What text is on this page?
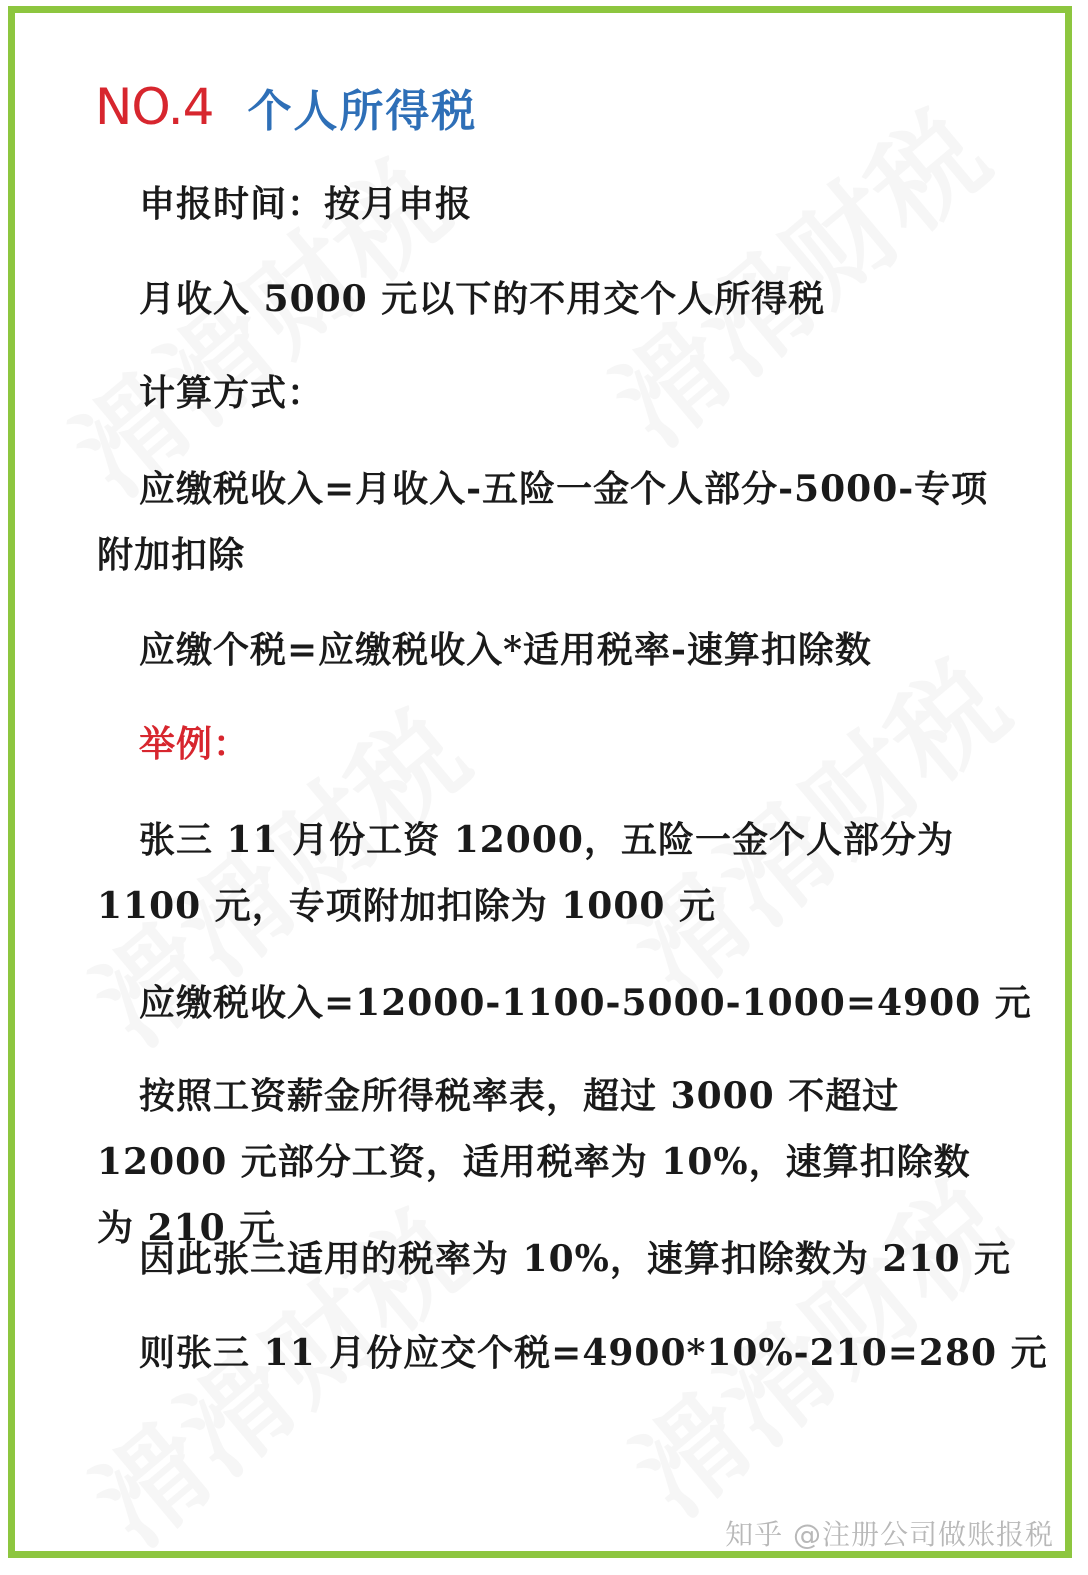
NO.4 个人所得税
申报时间：按月申报
月收入 5000 元以下的不用交个人所得税
计算方式：
应缴税收入=月收入-五险一金个人部分-5000-专项附加扣除
应缴个税=应缴税收入*适用税率-速算扣除数
举例：
张三 11 月份工资 12000，五险一金个人部分为 1100 元，专项附加扣除为 1000 元
应缴税收入=12000-1100-5000-1000=4900 元
按照工资薪金所得税率表，超过 3000 不超过 12000 元部分工资，适用税率为 10%，速算扣除数为 210 元
因此张三适用的税率为 10%，速算扣除数为 210 元
则张三 11 月份应交个税=4900*10%-210=280 元
知乎 @注册公司做账报税
